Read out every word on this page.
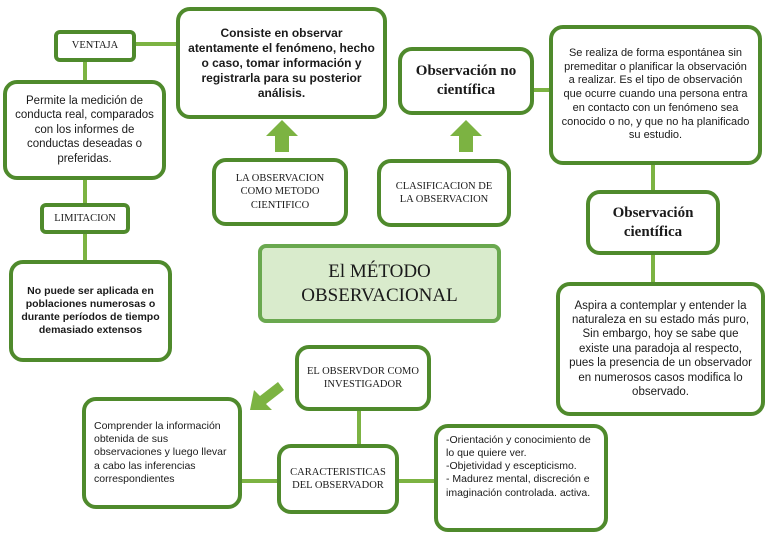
VENTAJA
Permite la medición de conducta real, comparados con los informes de conductas deseadas o preferidas.
LIMITACION
No puede ser aplicada en poblaciones numerosas o durante períodos de tiempo demasiado extensos
Consiste en observar atentamente el fenómeno, hecho o caso, tomar información y registrarla para su posterior análisis.
LA OBSERVACION COMO METODO CIENTIFICO
Observación no científica
CLASIFICACION DE LA OBSERVACION
Se realiza de forma espontánea sin premeditar o planificar la observación a realizar. Es el tipo de observación que ocurre cuando una persona entra en contacto con un fenómeno sea conocido o no, y que no ha planificado su estudio.
Observación científica
Aspira a contemplar y entender la naturaleza en su estado más puro, Sin embargo, hoy se sabe que existe una paradoja al respecto, pues la presencia de un observador en numerosos casos modifica lo observado.
El MÉTODO OBSERVACIONAL
EL OBSERVDOR COMO INVESTIGADOR
Comprender la información obtenida de sus observaciones y luego llevar a cabo las inferencias correspondientes
CARACTERISTICAS DEL OBSERVADOR
-Orientación y conocimiento de lo que quiere ver.
-Objetividad y escepticismo.
- Madurez mental, discreción e imaginación controlada. activa.
